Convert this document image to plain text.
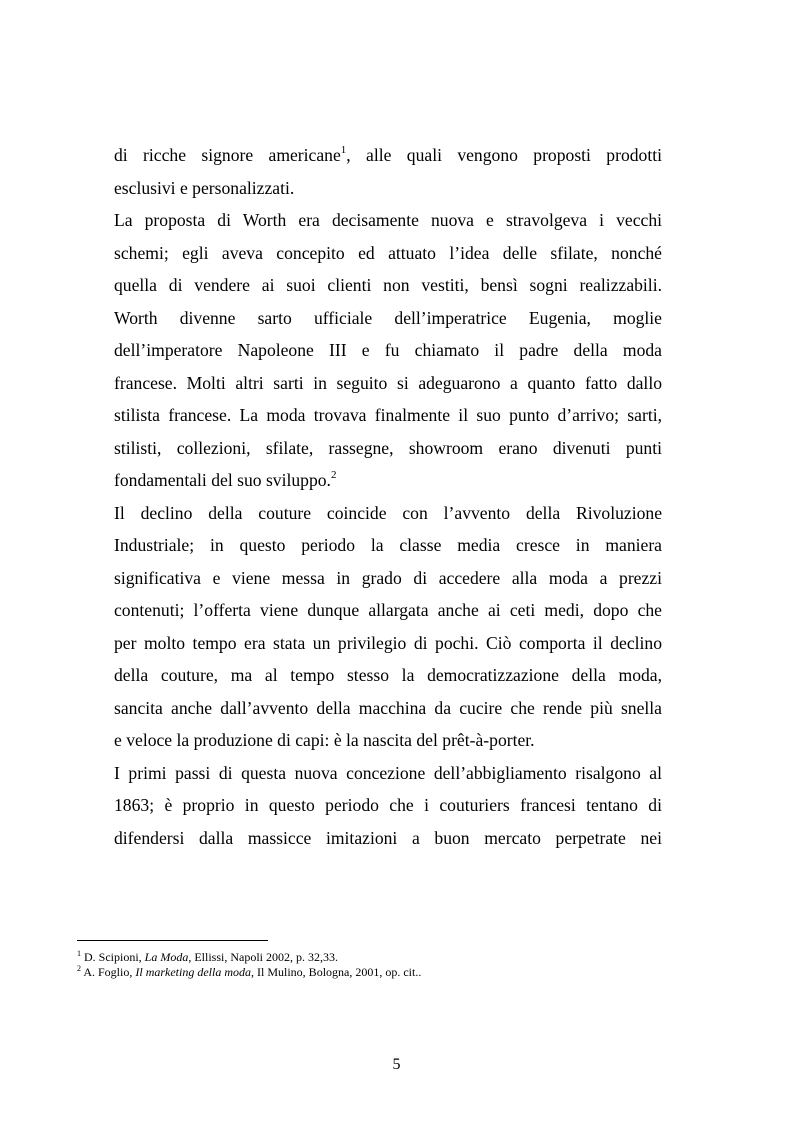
di ricche signore americane$^1$, alle quali vengono proposti prodotti
esclusivi e personalizzati.
La proposta di Worth era decisamente nuova e stravolgeva i vecchi
schemi; egli aveva concepito ed attuato l’idea delle sfilate, nonché
quella di vendere ai suoi clienti non vestiti, bensì sogni realizzabili.
Worth divenne sarto ufficiale dell’imperatrice Eugenia, moglie
dell’imperatore Napoleone III e fu chiamato il padre della moda
francese. Molti altri sarti in seguito si adeguarono a quanto fatto dallo
stilista francese. La moda trovava finalmente il suo punto d’arrivo; sarti,
stilisti, collezioni, sfilate, rassegne, showroom erano divenuti punti
fondamentali del suo sviluppo.$^2$
Il declino della couture coincide con l’avvento della Rivoluzione
Industriale; in questo periodo la classe media cresce in maniera
significativa e viene messa in grado di accedere alla moda a prezzi
contenuti; l’offerta viene dunque allargata anche ai ceti medi, dopo che
per molto tempo era stata un privilegio di pochi. Ciò comporta il declino
della couture, ma al tempo stesso la democratizzazione della moda,
sancita anche dall’avvento della macchina da cucire che rende più snella
e veloce la produzione di capi: è la nascita del prêt-à-porter.
I primi passi di questa nuova concezione dell’abbigliamento risalgono al
1863; è proprio in questo periodo che i couturiers francesi tentano di
difendersi dalla massicce imitazioni a buon mercato perpetrate nei
$^1$ D. Scipioni, La Moda, Ellissi, Napoli 2002, p. 32,33.
$^2$ A. Foglio, Il marketing della moda, Il Mulino, Bologna, 2001, op. cit..
5
